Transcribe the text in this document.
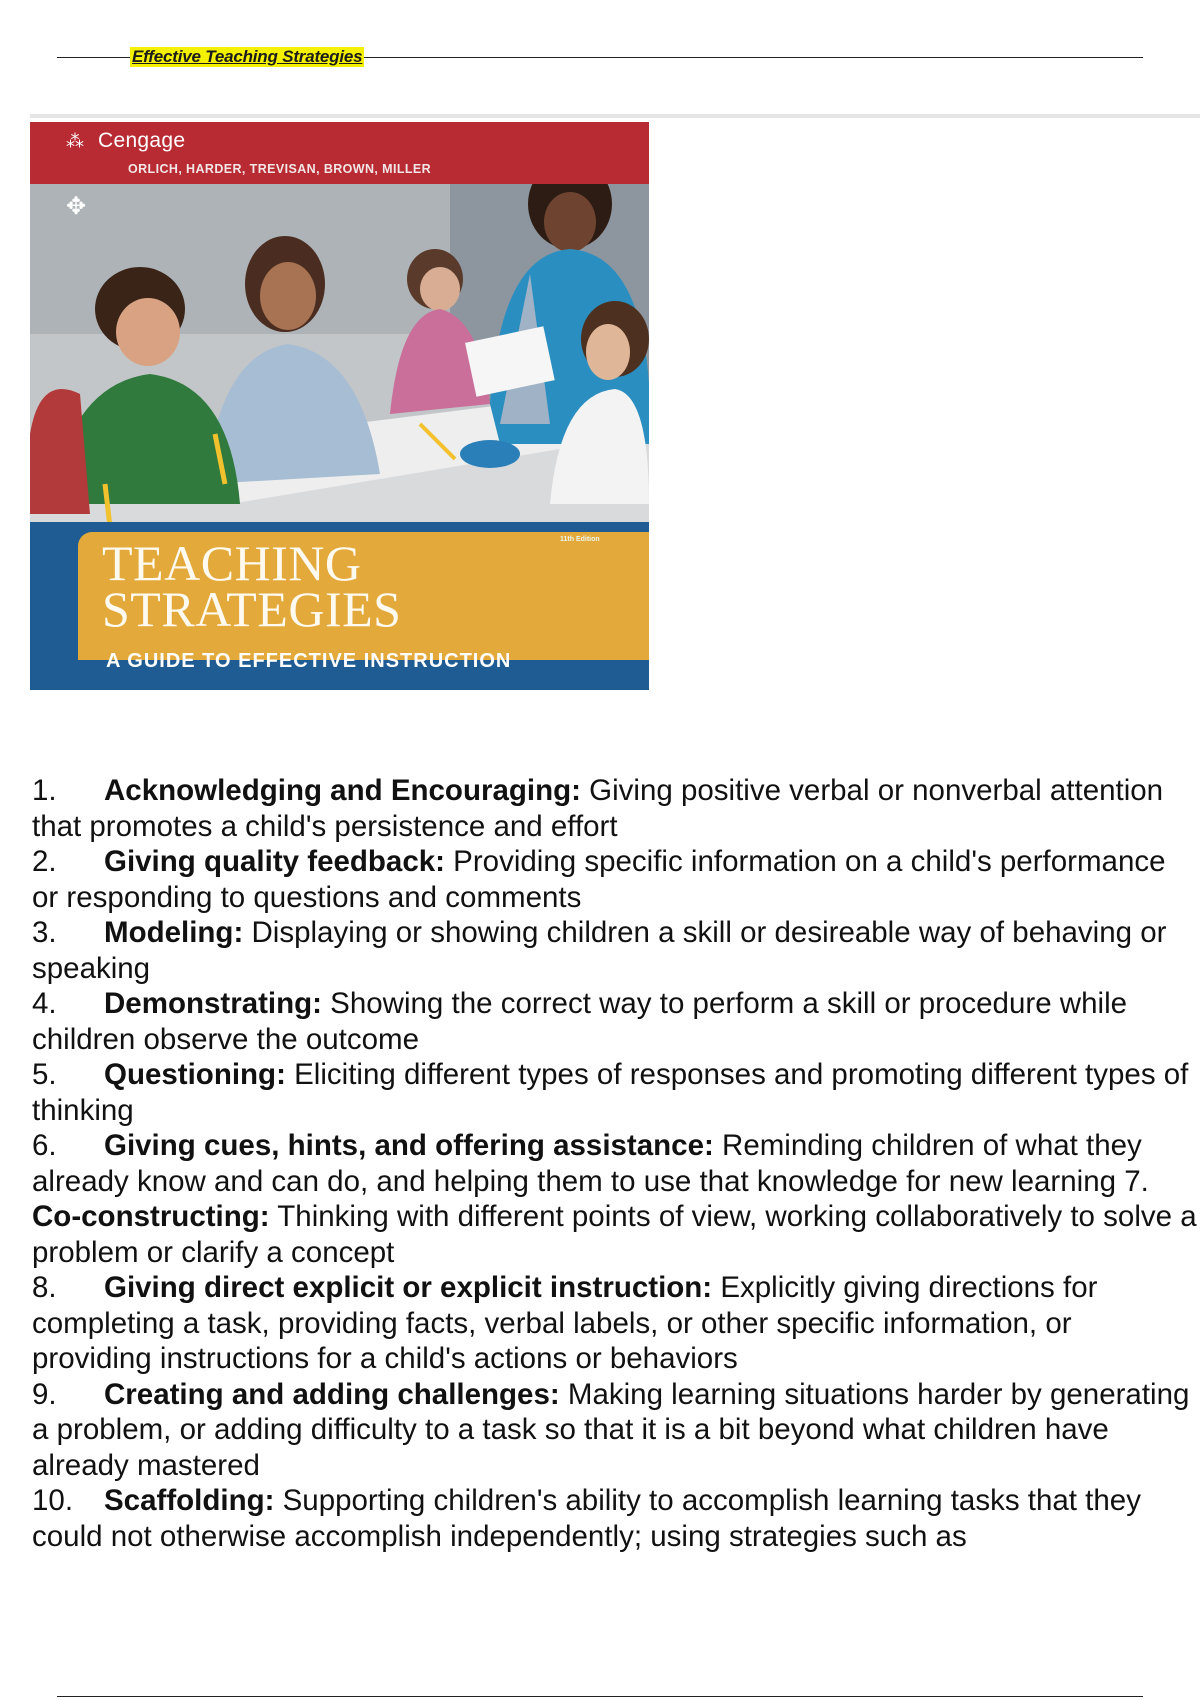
Effective Teaching Strategies
⁂ Cengage
ORLICH, HARDER, TREVISAN, BROWN, MILLER
✥
11th Edition
TEACHING
STRATEGIES
A GUIDE TO EFFECTIVE INSTRUCTION

1. Acknowledging and Encouraging: Giving positive verbal or nonverbal attention that promotes a child's persistence and effort

2. Giving quality feedback: Providing specific information on a child's performance or responding to questions and comments

3. Modeling: Displaying or showing children a skill or desireable way of behaving or speaking

4. Demonstrating: Showing the correct way to perform a skill or procedure while children observe the outcome

5. Questioning: Eliciting different types of responses and promoting different types of thinking

6. Giving cues, hints, and offering assistance: Reminding children of what they already know and can do, and helping them to use that knowledge for new learning 7. Co-constructing: Thinking with different points of view, working collaboratively to solve a problem or clarify a concept

8. Giving direct explicit or explicit instruction: Explicitly giving directions for completing a task, providing facts, verbal labels, or other specific information, or providing instructions for a child's actions or behaviors

9. Creating and adding challenges: Making learning situations harder by generating a problem, or adding difficulty to a task so that it is a bit beyond what children have already mastered

10. Scaffolding: Supporting children's ability to accomplish learning tasks that they could not otherwise accomplish independently; using strategies such as
